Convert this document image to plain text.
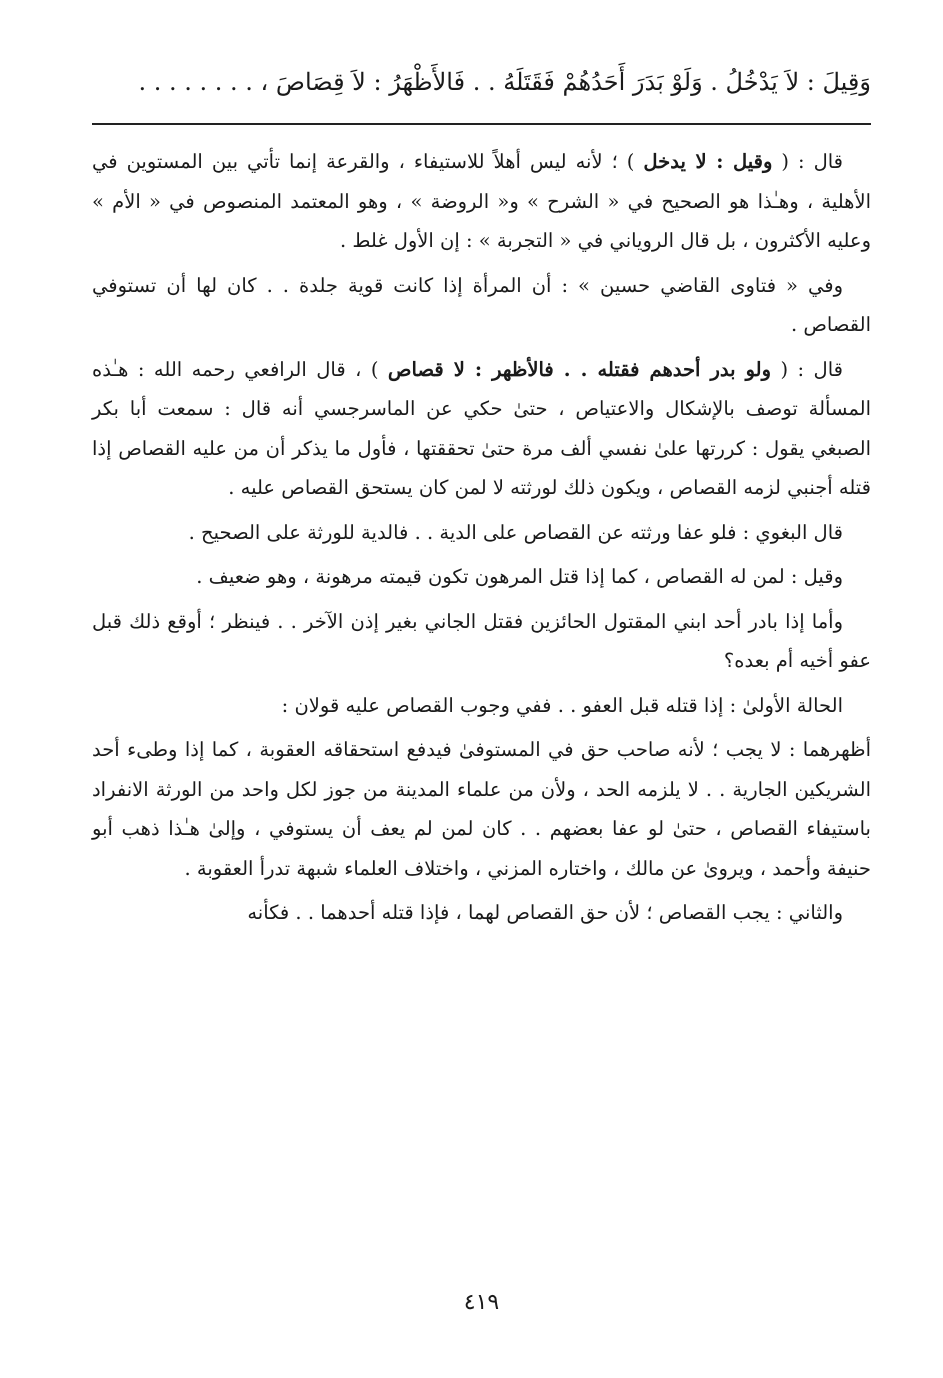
وَقِيلَ : لاَ يَدْخُلُ . وَلَوْ بَدَرَ أَحَدُهُمْ فَقَتَلَهُ . . فَالأَظْهَرُ : لاَ قِصَاصَ ، . . . . . . . .

قال : ( وقيل : لا يدخل ) ؛ لأنه ليس أهلاً للاستيفاء ، والقرعة إنما تأتي بين المستوين في الأهلية ، وهـٰذا هو الصحيح في « الشرح » و« الروضة » ، وهو المعتمد المنصوص في « الأم » وعليه الأكثرون ، بل قال الروياني في « التجربة » : إن الأول غلط .

وفي « فتاوى القاضي حسين » : أن المرأة إذا كانت قوية جلدة . . كان لها أن تستوفي القصاص .

قال : ( ولو بدر أحدهم فقتله . . فالأظهر : لا قصاص ) ، قال الرافعي رحمه الله : هـٰذه المسألة توصف بالإشكال والاعتياص ، حتىٰ حكي عن الماسرجسي أنه قال : سمعت أبا بكر الصبغي يقول : كررتها علىٰ نفسي ألف مرة حتىٰ تحققتها ، فأول ما يذكر أن من عليه القصاص إذا قتله أجنبي لزمه القصاص ، ويكون ذلك لورثته لا لمن كان يستحق القصاص عليه .

قال البغوي : فلو عفا ورثته عن القصاص على الدية . . فالدية للورثة على الصحيح .

وقيل : لمن له القصاص ، كما إذا قتل المرهون تكون قيمته مرهونة ، وهو ضعيف .

وأما إذا بادر أحد ابني المقتول الحائزين فقتل الجاني بغير إذن الآخر . . فينظر ؛ أوقع ذلك قبل عفو أخيه أم بعده؟

الحالة الأولىٰ : إذا قتله قبل العفو . . ففي وجوب القصاص عليه قولان :

أظهرهما : لا يجب ؛ لأنه صاحب حق في المستوفىٰ فيدفع استحقاقه العقوبة ، كما إذا وطىء أحد الشريكين الجارية . . لا يلزمه الحد ، ولأن من علماء المدينة من جوز لكل واحد من الورثة الانفراد باستيفاء القصاص ، حتىٰ لو عفا بعضهم . . كان لمن لم يعف أن يستوفي ، وإلىٰ هـٰذا ذهب أبو حنيفة وأحمد ، ويروىٰ عن مالك ، واختاره المزني ، واختلاف العلماء شبهة تدرأ العقوبة .

والثاني : يجب القصاص ؛ لأن حق القصاص لهما ، فإذا قتله أحدهما . . فكأنه

٤١٩
